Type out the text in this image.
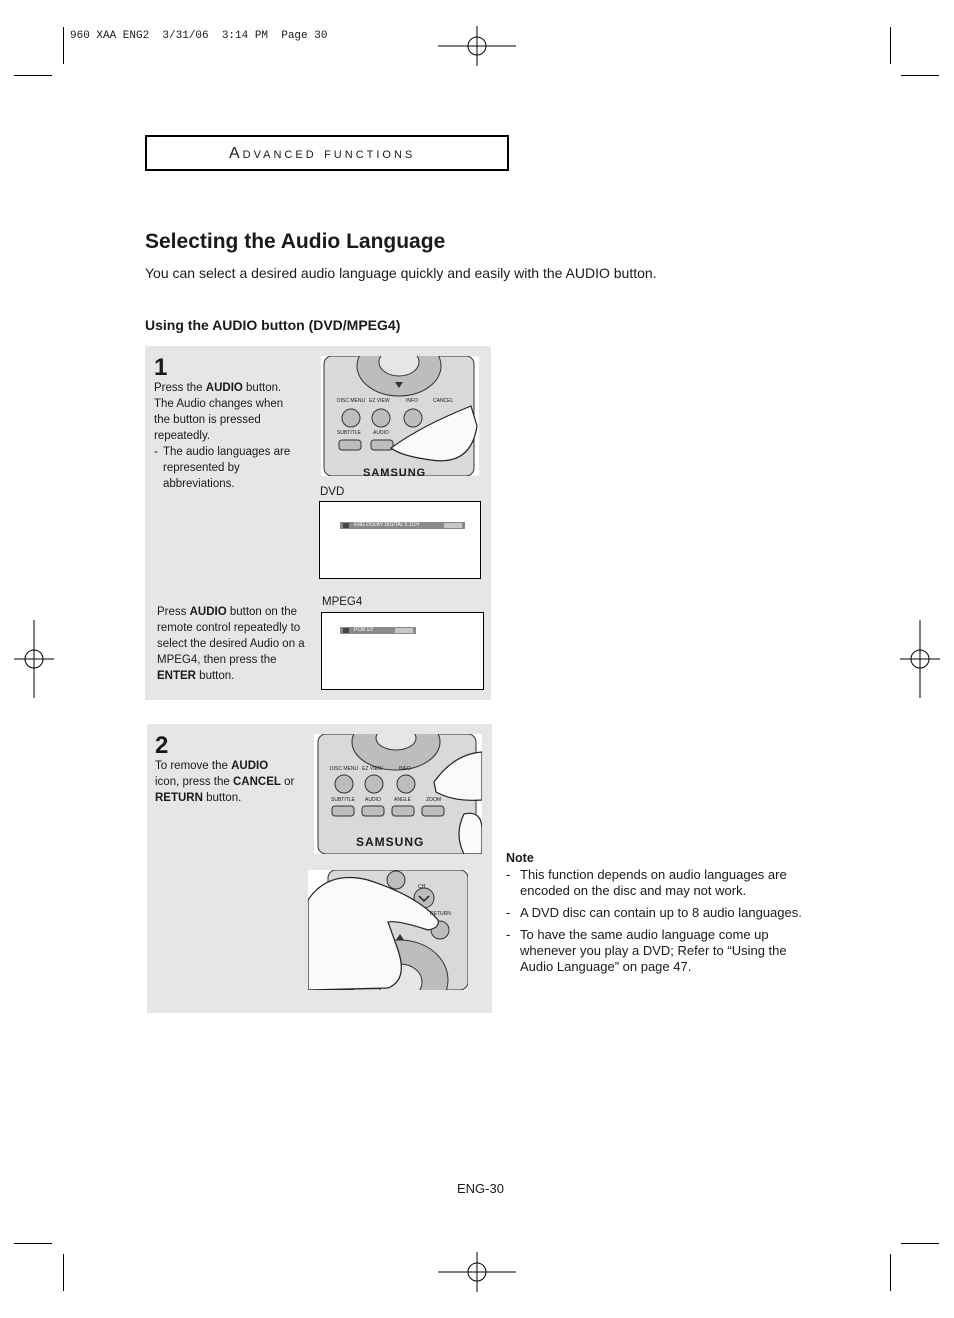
960 XAA ENG2  3/31/06  3:14 PM  Page 30
Advanced functions
Selecting the Audio Language
You can select a desired audio language quickly and easily with the AUDIO button.
Using the AUDIO button (DVD/MPEG4)
1
Press the AUDIO button. The Audio changes when the button is pressed repeatedly.
- The audio languages are represented by abbreviations.
DISC MENU EZ VIEW	INFO	CANCEL
SUBTITLE AUDIO
SAMSUNG
DVD
ENG DOLBY DIGITAL 5.1CH
MPEG4
PCM 1/2
Press AUDIO button on the remote control repeatedly to select the desired Audio on a MPEG4, then press the ENTER button.
2
To remove the AUDIO icon, press the CANCEL or RETURN button.
DISC MENU EZ VIEW	INFO
SUBTITLE AUDIO	ANGLE	ZOOM
SAMSUNG
CH
RETURN
Note
- This function depends on audio languages are encoded on the disc and may not work.
- A DVD disc can contain up to 8 audio languages.
- To have the same audio language come up whenever you play a DVD; Refer to “Using the Audio Language” on page 47.
ENG-30
